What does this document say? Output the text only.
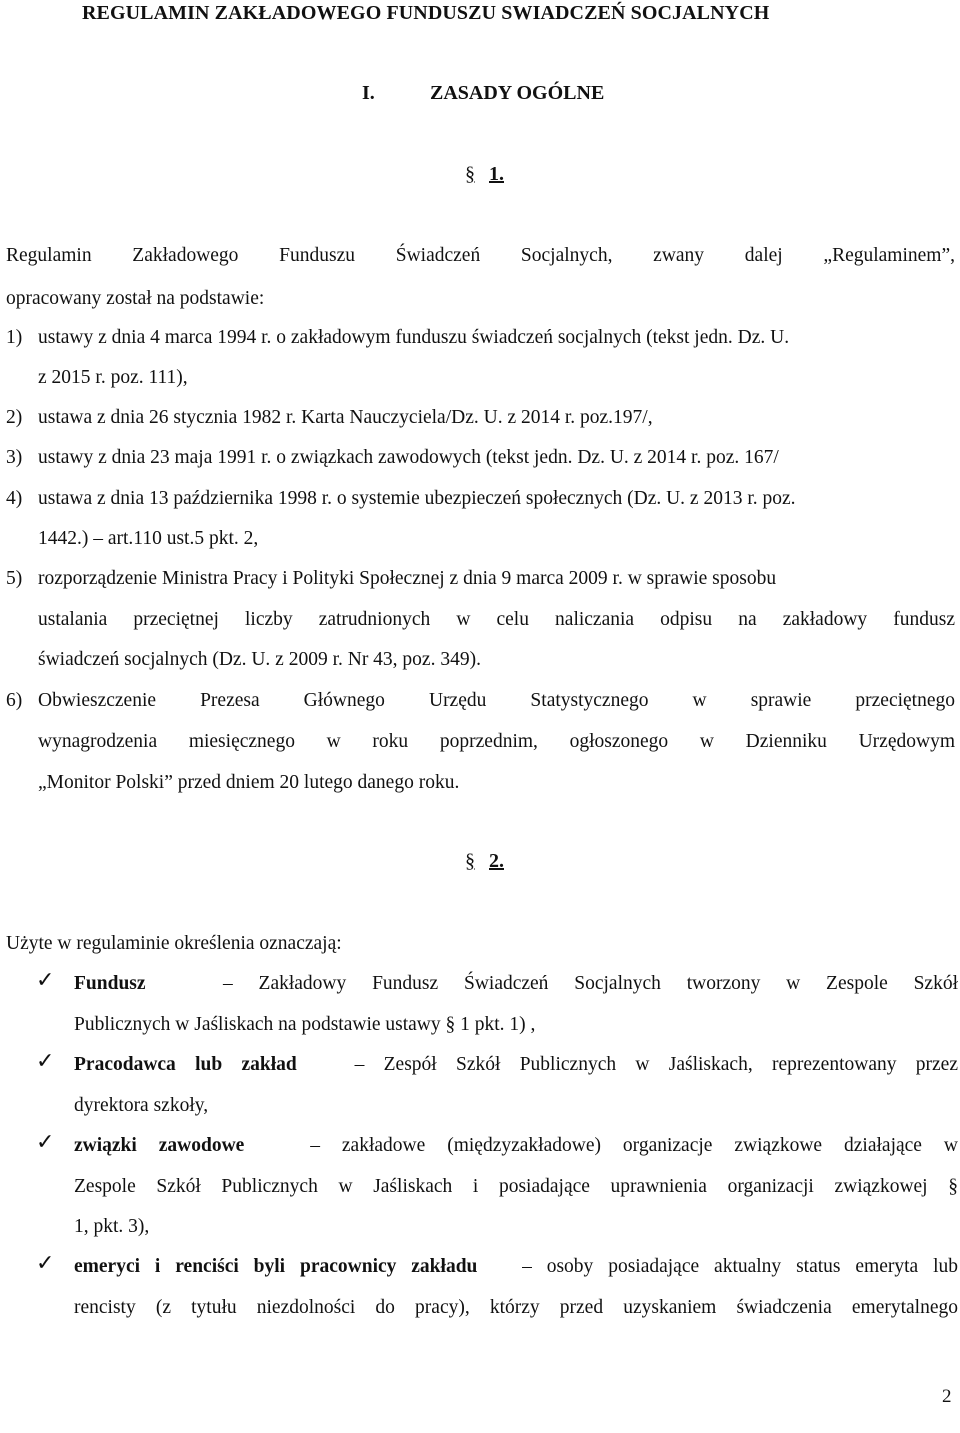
REGULAMIN ZAKŁADOWEGO FUNDUSZU SWIADCZEŃ SOCJALNYCH
I.	ZASADY OGÓLNE
§ 1.
Regulamin Zakładowego Funduszu Świadczeń Socjalnych, zwany dalej „Regulaminem”,
opracowany został na podstawie:
1) ustawy z dnia 4 marca 1994 r. o zakładowym funduszu świadczeń socjalnych (tekst jedn. Dz. U.
z 2015 r. poz. 111),
2) ustawa z dnia 26 stycznia 1982 r. Karta Nauczyciela/Dz. U. z 2014 r. poz.197/,
3) ustawy z dnia 23 maja 1991 r. o związkach zawodowych (tekst jedn. Dz. U. z 2014 r. poz. 167/
4) ustawa z dnia 13 października 1998 r. o systemie ubezpieczeń społecznych (Dz. U. z 2013 r. poz.
1442.) ‒ art.110 ust.5 pkt. 2,
5) rozporządzenie Ministra Pracy i Polityki Społecznej z dnia 9 marca 2009 r. w sprawie sposobu
ustalania przeciętnej liczby zatrudnionych w celu naliczania odpisu na zakładowy fundusz
świadczeń socjalnych (Dz. U. z 2009 r. Nr 43, poz. 349).
6) Obwieszczenie Prezesa Głównego Urzędu Statystycznego w sprawie przeciętnego
wynagrodzenia miesięcznego w roku poprzednim, ogłoszonego w Dzienniku Urzędowym
„Monitor Polski” przed dniem 20 lutego danego roku.
§ 2.
Użyte w regulaminie określenia oznaczają:
✓ Fundusz	– Zakładowy Fundusz Świadczeń Socjalnych tworzony w Zespole Szkół
Publicznych w Jaśliskach na podstawie ustawy § 1 pkt. 1) ,
✓ Pracodawca lub zakład	– Zespół Szkół Publicznych w Jaśliskach, reprezentowany przez
dyrektora szkoły,
✓ związki zawodowe	– zakładowe (międzyzakładowe) organizacje związkowe działające w
Zespole Szkół Publicznych w Jaśliskach i posiadające uprawnienia organizacji związkowej §
1, pkt. 3),
✓ emeryci i renciści byli pracownicy zakładu – osoby posiadające aktualny status emeryta lub
rencisty (z tytułu niezdolności do pracy), którzy przed uzyskaniem świadczenia emerytalnego
2
